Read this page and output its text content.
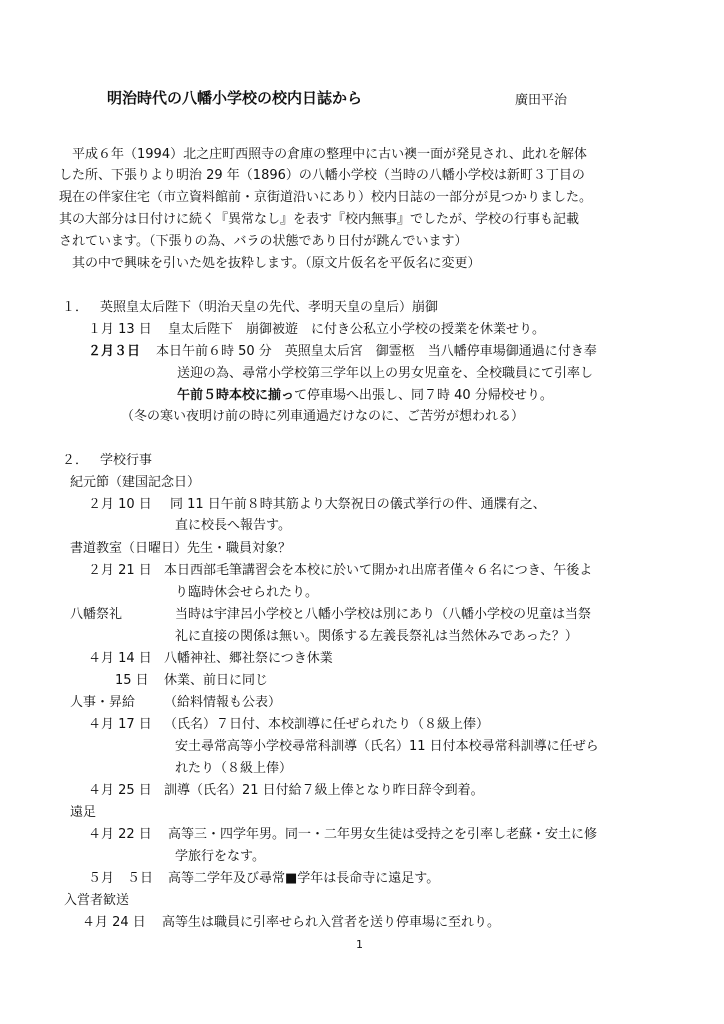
明治時代の八幡小学校の校内日誌から	廣田平治
平成６年（1994）北之庄町西照寺の倉庫の整理中に古い襖一面が発見され、此れを解体
した所、下張りより明治 29 年（1896）の八幡小学校（当時の八幡小学校は新町３丁目の
現在の伴家住宅（市立資料館前・京街道沿いにあり）校内日誌の一部分が見つかりました。
其の大部分は日付けに続く『異常なし』を表す『校内無事』でしたが、学校の行事も記載
されています。（下張りの為、バラの状態であり日付が跳んでいます）
其の中で興味を引いた処を抜粋します。（原文片仮名を平仮名に変更）
１． 英照皇太后陛下（明治天皇の先代、孝明天皇の皇后）崩御
１月 13 日 皇太后陛下　崩御被遊　に付き公私立小学校の授業を休業せり。
２月３日 本日午前６時 50 分　英照皇太后宮　御霊柩　当八幡停車場御通過に付き奉
送迎の為、尋常小学校第三学年以上の男女児童を、全校職員にて引率し
午前５時本校に揃って停車場へ出張し、同７時 40 分帰校せり。
（冬の寒い夜明け前の時に列車通過だけなのに、ご苦労が想われる）
２． 学校行事
紀元節（建国記念日）
２月 10 日 同 11 日午前８時其筋より大祭祝日の儀式挙行の件、通牒有之、
直に校長へ報告す。
書道教室（日曜日）先生・職員対象？
２月 21 日 本日西部毛筆講習会を本校に於いて開かれ出席者僅々６名につき、午後よ
り臨時休会せられたり。
八幡祭礼	当時は宇津呂小学校と八幡小学校は別にあり（八幡小学校の児童は当祭
礼に直接の関係は無い。関係する左義長祭礼は当然休みであった？）
４月 14 日 八幡神社、郷社祭につき休業
15 日 休業、前日に同じ
人事・昇給 （給料情報も公表）
４月 17 日 （氏名）７日付、本校訓導に任ぜられたり（８級上俸）
安土尋常高等小学校尋常科訓導（氏名）11 日付本校尋常科訓導に任ぜら
れたり（８級上俸）
４月 25 日 訓導（氏名）21 日付給７級上俸となり昨日辞令到着。
遠足
４月 22 日 高等三・四学年男。同一・二年男女生徒は受持之を引率し老蘇・安土に修
学旅行をなす。
５月　５日 高等二学年及び尋常■学年は長命寺に遠足す。
入営者歓送
４月 24 日 高等生は職員に引率せられ入営者を送り停車場に至れり。
1
